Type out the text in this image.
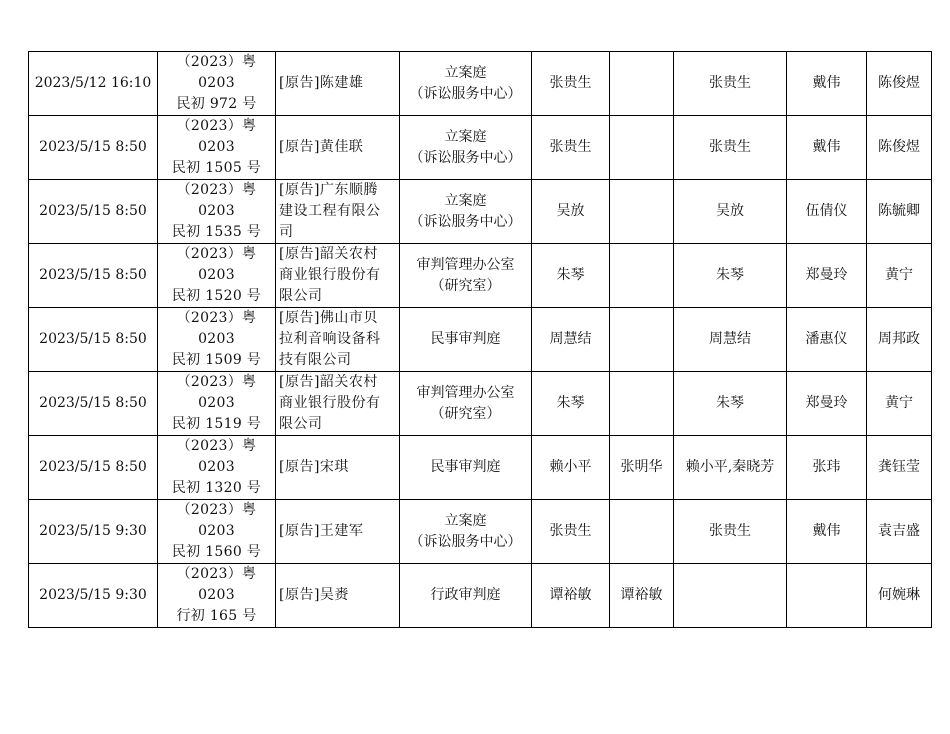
2023/5/12 16:10	（2023）粤 0203
民初 972 号	[原告]陈建雄	立案庭
（诉讼服务中心）	张贵生		张贵生	戴伟	陈俊煜
2023/5/15 8:50	（2023）粤 0203
民初 1505 号	[原告]黄佳联	立案庭
（诉讼服务中心）	张贵生		张贵生	戴伟	陈俊煜
2023/5/15 8:50	（2023）粤 0203
民初 1535 号	[原告]广东顺腾
建设工程有限公
司	立案庭
（诉讼服务中心）	吴放		吴放	伍倩仪	陈毓卿
2023/5/15 8:50	（2023）粤 0203
民初 1520 号	[原告]韶关农村
商业银行股份有
限公司	审判管理办公室
（研究室）	朱琴		朱琴	郑曼玲	黄宁
2023/5/15 8:50	（2023）粤 0203
民初 1509 号	[原告]佛山市贝
拉利音响设备科
技有限公司	民事审判庭	周慧结		周慧结	潘惠仪	周邦政
2023/5/15 8:50	（2023）粤 0203
民初 1519 号	[原告]韶关农村
商业银行股份有
限公司	审判管理办公室
（研究室）	朱琴		朱琴	郑曼玲	黄宁
2023/5/15 8:50	（2023）粤 0203
民初 1320 号	[原告]宋琪	民事审判庭	赖小平	张明华	赖小平,秦晓芳	张玮	龚钰莹
2023/5/15 9:30	（2023）粤 0203
民初 1560 号	[原告]王建军	立案庭
（诉讼服务中心）	张贵生		张贵生	戴伟	袁吉盛
2023/5/15 9:30	（2023）粤 0203
行初 165 号	[原告]吴赉	行政审判庭	谭裕敏	谭裕敏			何婉琳
